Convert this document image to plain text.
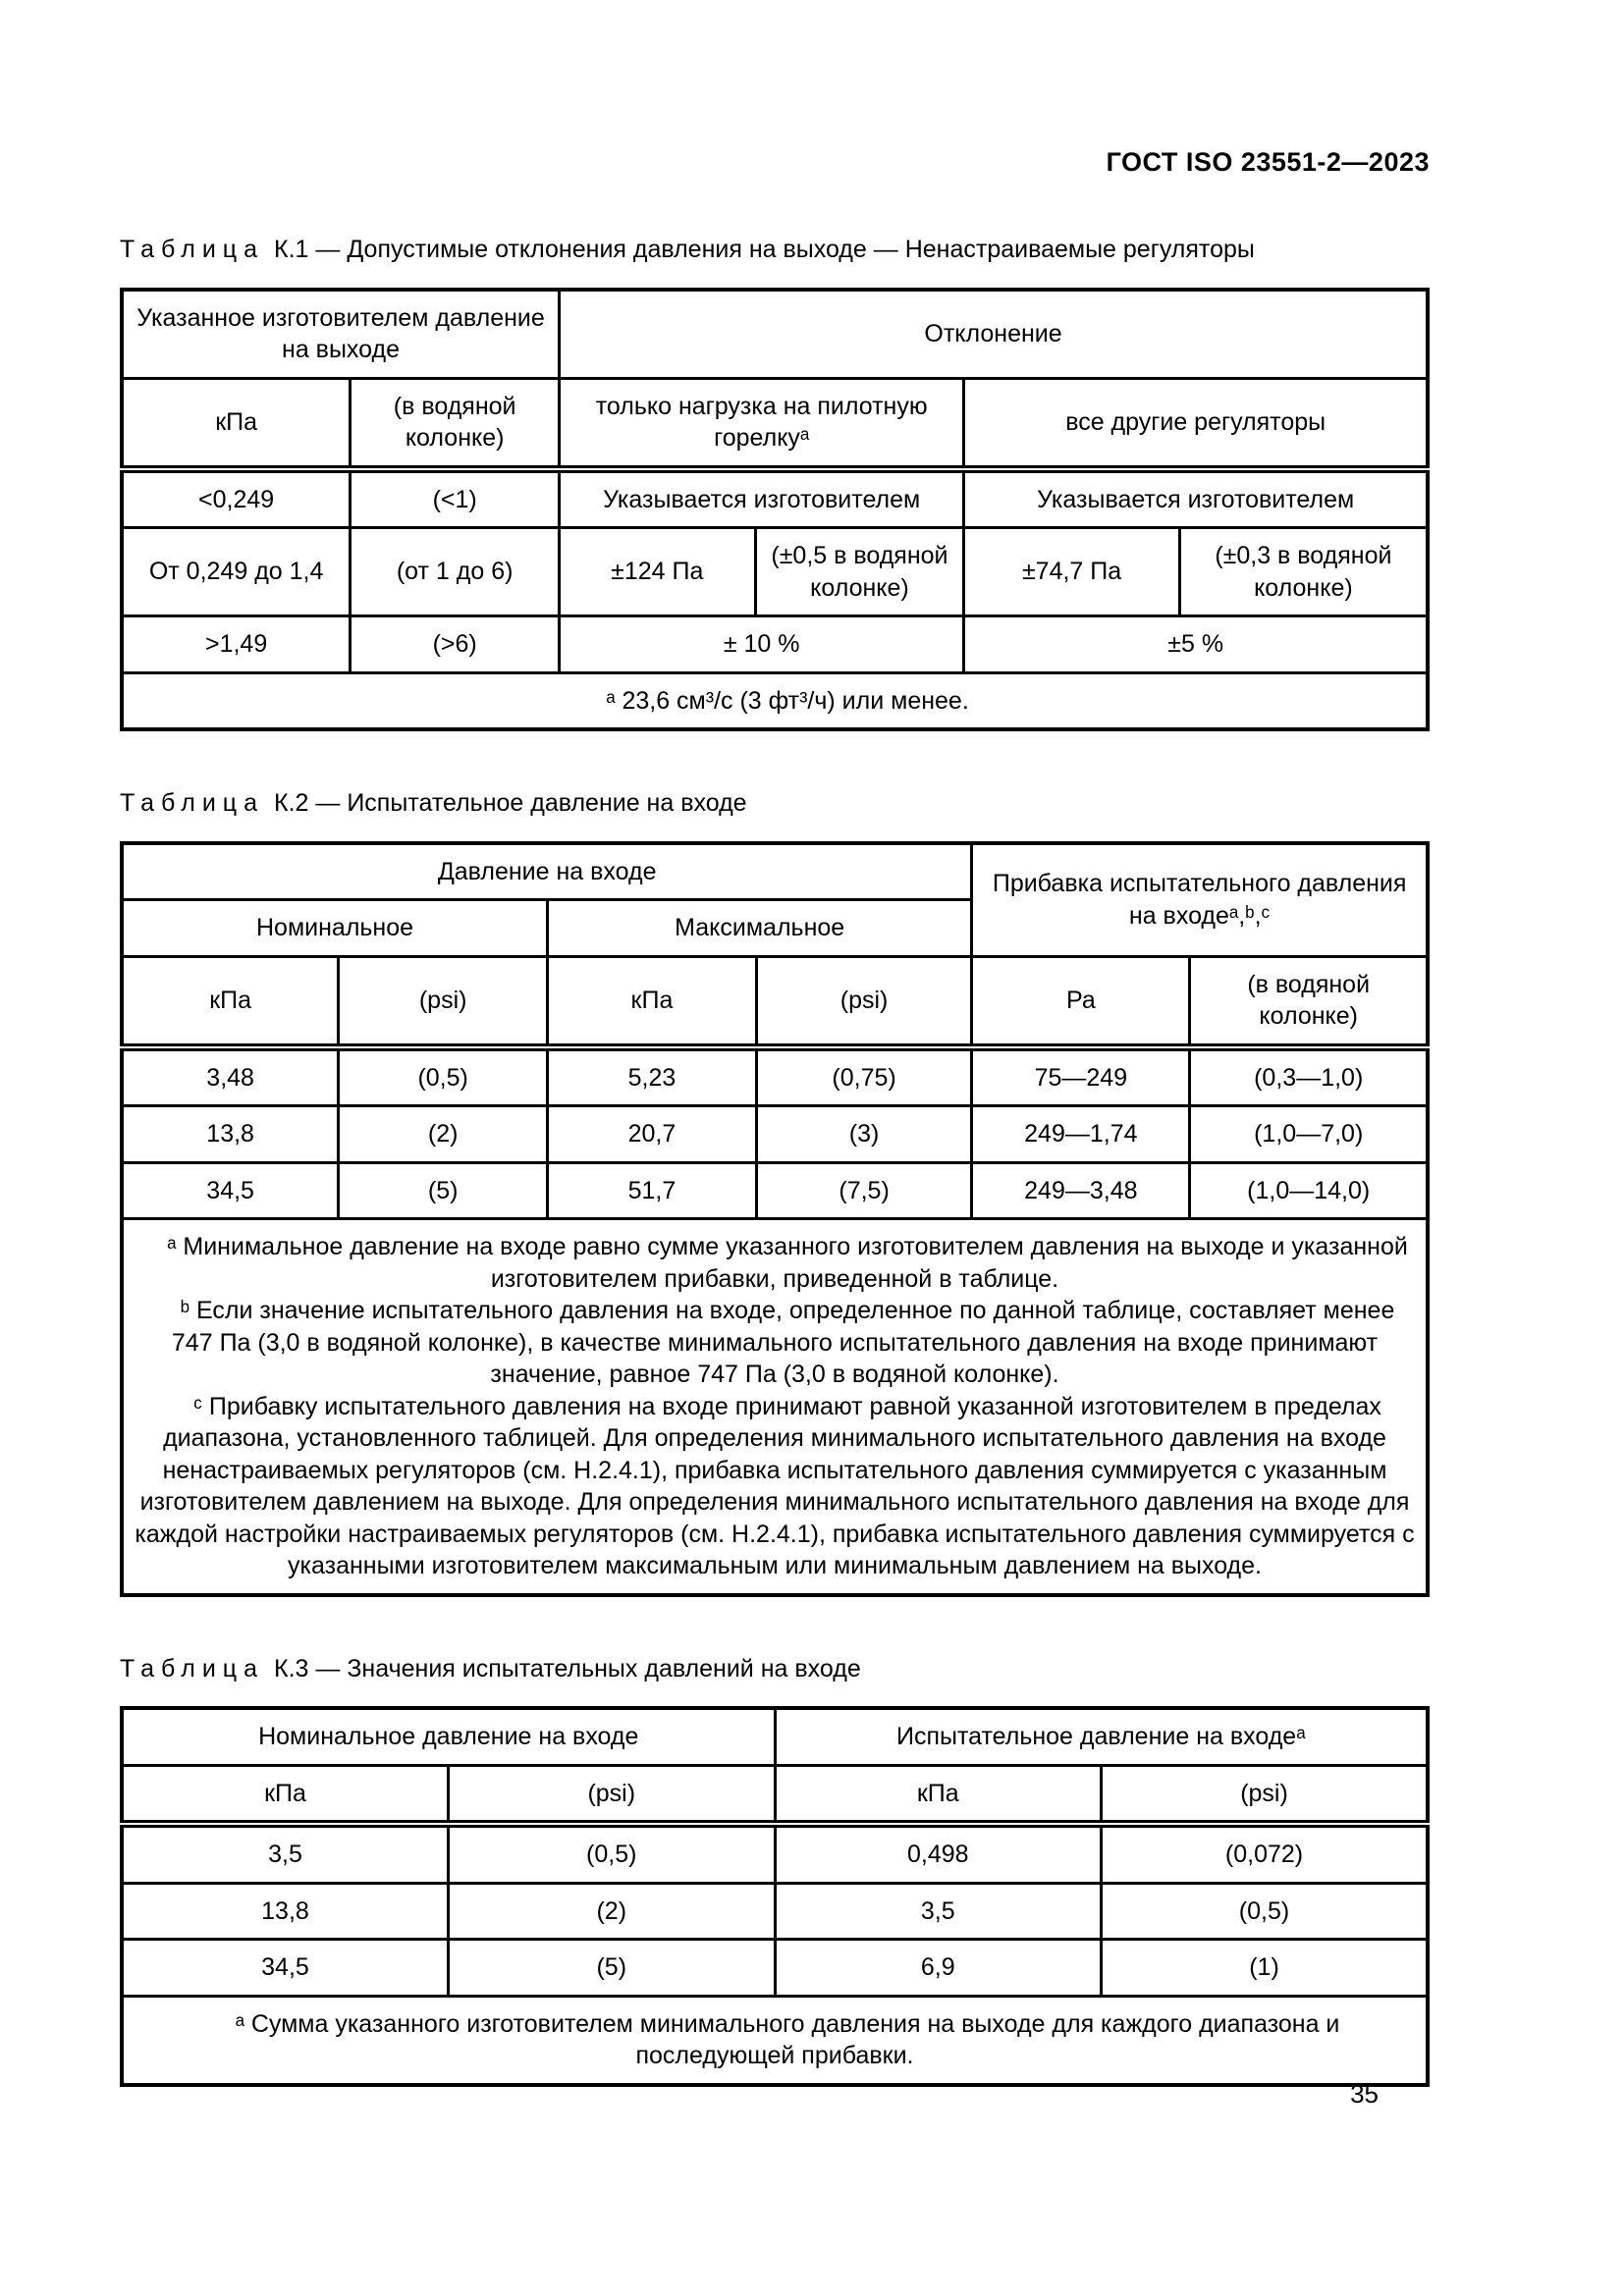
ГОСТ ISO 23551-2—2023

Таблица К.1 — Допустимые отклонения давления на выходе — Ненастраиваемые регуляторы

Указанное изготовителем давление на выходе		Отклонение			
кПа	(в водяной колонке)	только нагрузка на пилотную горелкуᵃ		все другие регуляторы	
<0,249	(<1)	Указывается изготовителем		Указывается изготовителем	
От 0,249 до 1,4	(от 1 до 6)	±124 Па	(±0,5 в водяной колонке)	±74,7 Па	(±0,3 в водяной колонке)
>1,49	(>6)	± 10 %		±5 %	

ᵃ 23,6 см³/с (3 фт³/ч) или менее.					

Таблица К.2 — Испытательное давление на входе

Давление на входе				Прибавка испытательного давления на входеᵃ,ᵇ,ᶜ	
Номинальное		Максимальное			
кПа	(psi)	кПа	(psi)	Ра	(в водяной колонке)
3,48	(0,5)	5,23	(0,75)	75—249	(0,3—1,0)
13,8	(2)	20,7	(3)	249—1,74	(1,0—7,0)
34,5	(5)	51,7	(7,5)	249—3,48	(1,0—14,0)

ᵃ Минимальное давление на входе равно сумме указанного изготовителем давления на выходе и указанной изготовителем прибавки, приведенной в таблице.

ᵇ Если значение испытательного давления на входе, определенное по данной таблице, составляет менее 747 Па (3,0 в водяной колонке), в качестве минимального испытательного давления на входе принимают значение, равное 747 Па (3,0 в водяной колонке).

ᶜ Прибавку испытательного давления на входе принимают равной указанной изготовителем в пределах диапазона, установленного таблицей. Для определения минимального испытательного давления на входе ненастраиваемых регуляторов (см. Н.2.4.1), прибавка испытательного давления суммируется с указанным изготовителем давлением на выходе. Для определения минимального испытательного давления на входе для каждой настройки настраиваемых регуляторов (см. Н.2.4.1), прибавка испытательного давления суммируется с указанными изготовителем максимальным или минимальным давлением на выходе.					

Таблица К.3 — Значения испытательных давлений на входе

Номинальное давление на входе		Испытательное давление на входеᵃ	
кПа	(psi)	кПа	(psi)
3,5	(0,5)	0,498	(0,072)
13,8	(2)	3,5	(0,5)
34,5	(5)	6,9	(1)

ᵃ Сумма указанного изготовителем минимального давления на выходе для каждого диапазона и последующей прибавки.			

35
